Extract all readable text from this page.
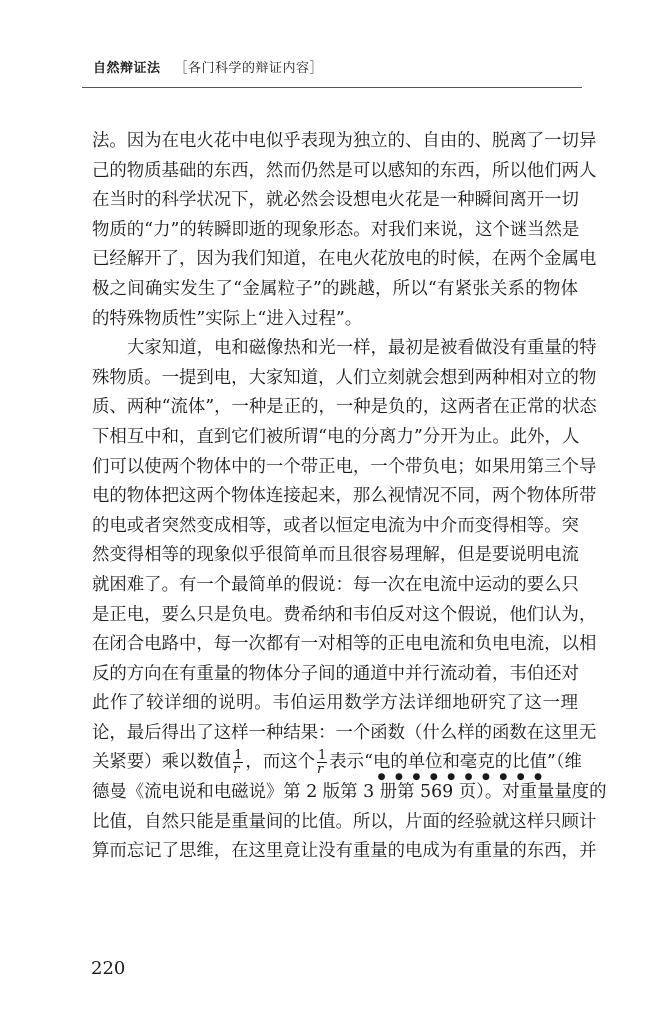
自然辩证法 ［各门科学的辩证内容］
法。因为在电火花中电似乎表现为独立的、自由的、脱离了一切异
己的物质基础的东西，然而仍然是可以感知的东西，所以他们两人
在当时的科学状况下，就必然会设想电火花是一种瞬间离开一切
物质的“力”的转瞬即逝的现象形态。对我们来说，这个谜当然是
已经解开了，因为我们知道，在电火花放电的时候，在两个金属电
极之间确实发生了“金属粒子”的跳越，所以“有紧张关系的物体
的特殊物质性”实际上“进入过程”。
大家知道，电和磁像热和光一样，最初是被看做没有重量的特
殊物质。一提到电，大家知道，人们立刻就会想到两种相对立的物
质、两种“流体”，一种是正的，一种是负的，这两者在正常的状态
下相互中和，直到它们被所谓“电的分离力”分开为止。此外，人
们可以使两个物体中的一个带正电，一个带负电；如果用第三个导
电的物体把这两个物体连接起来，那么视情况不同，两个物体所带
的电或者突然变成相等，或者以恒定电流为中介而变得相等。突
然变得相等的现象似乎很简单而且很容易理解，但是要说明电流
就困难了。有一个最简单的假说：每一次在电流中运动的要么只
是正电，要么只是负电。费希纳和韦伯反对这个假说，他们认为，
在闭合电路中，每一次都有一对相等的正电电流和负电电流，以相
反的方向在有重量的物体分子间的通道中并行流动着，韦伯还对
此作了较详细的说明。韦伯运用数学方法详细地研究了这一理
论，最后得出了这样一种结果：一个函数（什么样的函数在这里无
关紧要）乘以数值 $\frac{1}{r}$ ，而这个 $\frac{1}{r}$ 表示“电的单位和毫克的比值”（维
德曼《流电说和电磁说》第 2 版第 3 册第 569 页）。对重量量度的
比值，自然只能是重量间的比值。所以，片面的经验就这样只顾计
算而忘记了思维，在这里竟让没有重量的电成为有重量的东西，并
220
